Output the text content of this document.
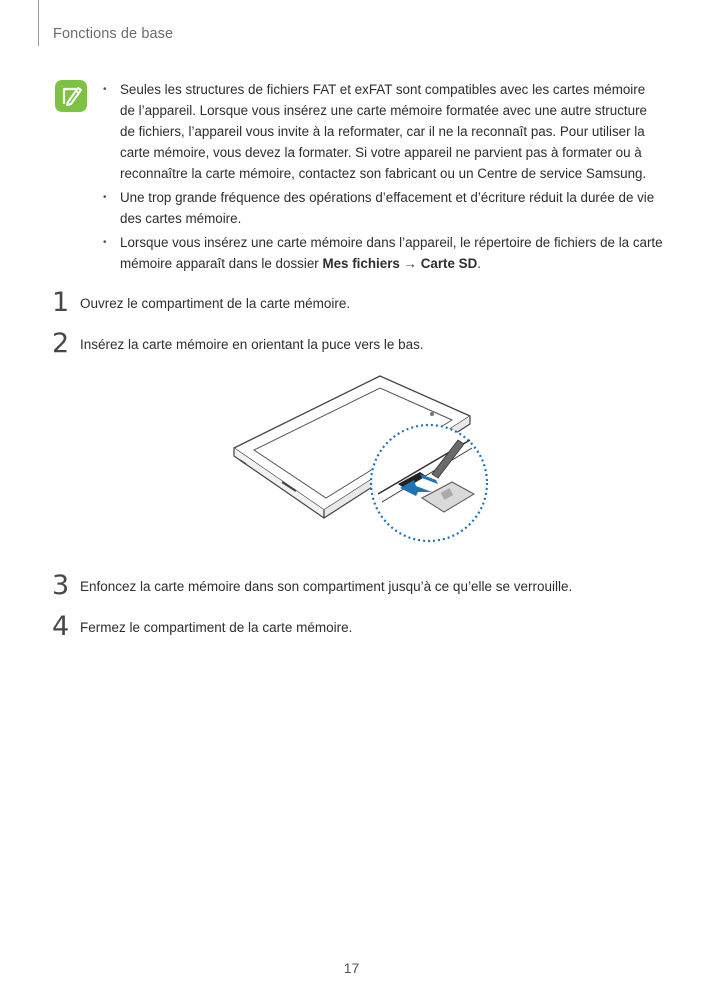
Fonctions de base
• Seules les structures de fichiers FAT et exFAT sont compatibles avec les cartes mémoire de l’appareil. Lorsque vous insérez une carte mémoire formatée avec une autre structure de fichiers, l’appareil vous invite à la reformater, car il ne la reconnaît pas. Pour utiliser la carte mémoire, vous devez la formater. Si votre appareil ne parvient pas à formater ou à reconnaître la carte mémoire, contactez son fabricant ou un Centre de service Samsung.
• Une trop grande fréquence des opérations d’effacement et d’écriture réduit la durée de vie des cartes mémoire.
• Lorsque vous insérez une carte mémoire dans l’appareil, le répertoire de fichiers de la carte mémoire apparaît dans le dossier Mes fichiers → Carte SD.
1 Ouvrez le compartiment de la carte mémoire.
2 Insérez la carte mémoire en orientant la puce vers le bas.
3 Enfoncez la carte mémoire dans son compartiment jusqu’à ce qu’elle se verrouille.
4 Fermez le compartiment de la carte mémoire.
17
